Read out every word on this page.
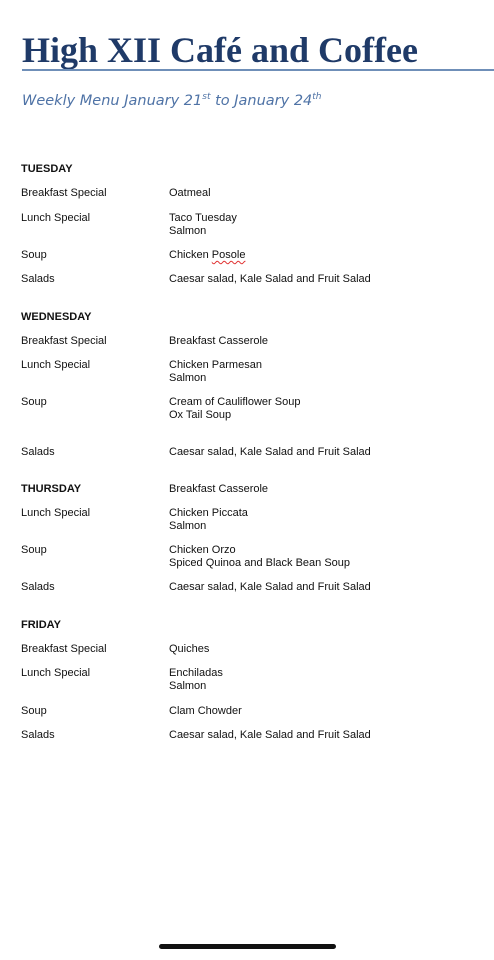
High XII Café and Coffee

Weekly Menu January 21st to January 24th

TUESDAY
Breakfast Special	Oatmeal
Lunch Special	Taco Tuesday
Salmon
Soup	Chicken Posole
Salads	Caesar salad, Kale Salad and Fruit Salad
WEDNESDAY
Breakfast Special	Breakfast Casserole
Lunch Special	Chicken Parmesan
Salmon
Soup	Cream of Cauliflower Soup
Ox Tail Soup
Salads	Caesar salad, Kale Salad and Fruit Salad
THURSDAY	Breakfast Casserole
Lunch Special	Chicken Piccata
Salmon
Soup	Chicken Orzo
Spiced Quinoa and Black Bean Soup
Salads	Caesar salad, Kale Salad and Fruit Salad
FRIDAY
Breakfast Special	Quiches
Lunch Special	Enchiladas
Salmon
Soup	Clam Chowder
Salads	Caesar salad, Kale Salad and Fruit Salad
